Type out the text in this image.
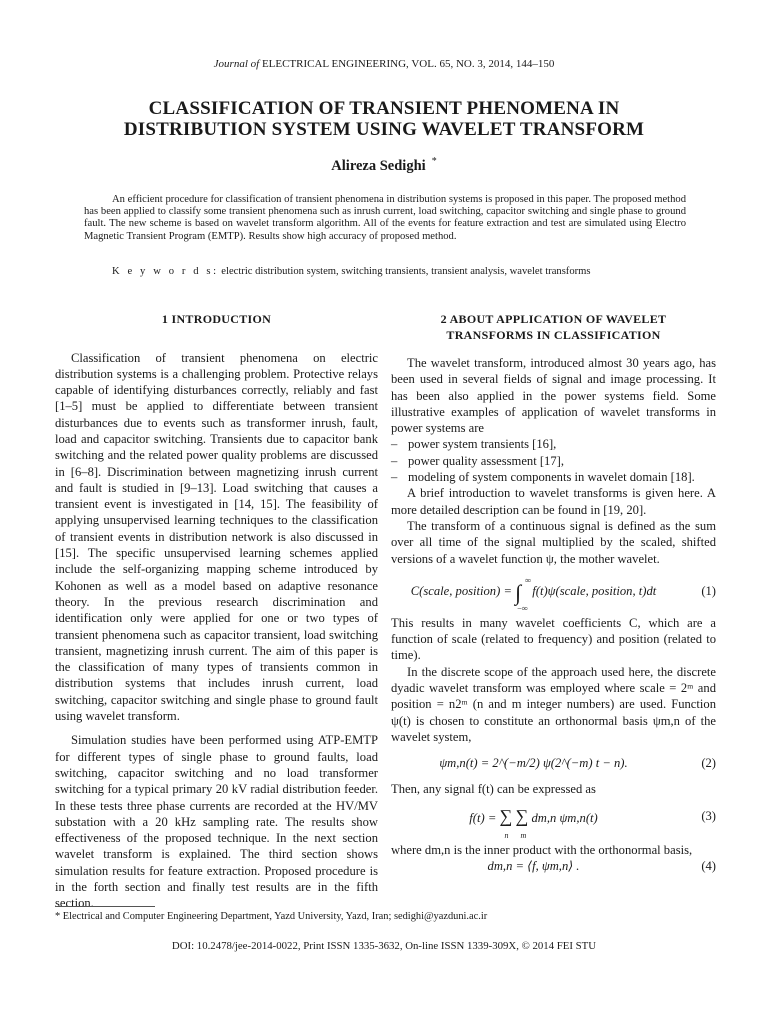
Journal of ELECTRICAL ENGINEERING, VOL. 65, NO. 3, 2014, 144–150
CLASSIFICATION OF TRANSIENT PHENOMENA IN
DISTRIBUTION SYSTEM USING WAVELET TRANSFORM
Alireza Sedighi *
An efficient procedure for classification of transient phenomena in distribution systems is proposed in this paper. The proposed method has been applied to classify some transient phenomena such as inrush current, load switching, capacitor switching and single phase to ground fault. The new scheme is based on wavelet transform algorithm. All of the events for feature extraction and test are simulated using Electro Magnetic Transient Program (EMTP). Results show high accuracy of proposed method.
K e y w o r d s: electric distribution system, switching transients, transient analysis, wavelet transforms
1 INTRODUCTION

Classification of transient phenomena on electric distribution systems is a challenging problem. Protective relays capable of identifying disturbances correctly, reliably and fast [1–5] must be applied to differentiate between transient disturbances due to events such as transformer inrush, fault, load and capacitor switching. Transients due to capacitor bank switching and the related power quality problems are discussed in [6–8]. Discrimination between magnetizing inrush current and fault is studied in [9–13]. Load switching that causes a transient event is investigated in [14, 15]. The feasibility of applying unsupervised learning techniques to the classification of transient events in distribution network is also discussed in [15]. The specific unsupervised learning schemes applied include the self-organizing mapping scheme introduced by Kohonen as well as a model based on adaptive resonance theory. In the previous research discrimination and identification only were applied for one or two types of transient phenomena such as capacitor transient, load switching transient, magnetizing inrush current. The aim of this paper is the classification of many types of transients common in distribution systems that includes inrush current, load switching, capacitor switching and single phase to ground fault using wavelet transform.

Simulation studies have been performed using ATP-EMTP for different types of single phase to ground faults, load switching, capacitor switching and no load transformer switching for a typical primary 20 kV radial distribution feeder. In these tests three phase currents are recorded at the HV/MV substation with a 20 kHz sampling rate. The results show effectiveness of the proposed technique. In the next section wavelet transform is explained. The third section shows simulation results for feature extraction. Proposed procedure is in the forth section and finally test results are in the fifth section.

2 ABOUT APPLICATION OF WAVELET
TRANSFORMS IN CLASSIFICATION

The wavelet transform, introduced almost 30 years ago, has been used in several fields of signal and image processing. It has been also applied in the power systems field. Some illustrative examples of application of wavelet transforms in power systems are

– power system transients [16],
– power quality assessment [17],
– modeling of system components in wavelet domain [18].

A brief introduction to wavelet transforms is given here. A more detailed description can be found in [19, 20].

The transform of a continuous signal is defined as the sum over all time of the signal multiplied by the scaled, shifted versions of a wavelet function ψ, the mother wavelet.

C(scale, position) = ∫ ∞
−∞
f(t)ψ(scale, position, t)dt	(1)

This results in many wavelet coefficients C, which are a function of scale (related to frequency) and position (related to time).

In the discrete scope of the approach used here, the discrete dyadic wavelet transform was employed where scale = 2ᵐ and position = n2ᵐ (n and m integer numbers) are used. Function ψ(t) is chosen to constitute an orthonormal basis ψm,n of the wavelet system,

ψm,n(t) = 2^(−m/2) ψ(2^(−m) t − n).	(2)

Then, any signal f(t) can be expressed as

f(t) = ∑
n
∑
m
dm,n ψm,n(t)	(3)

where dm,n is the inner product with the orthonormal basis,

dm,n = ⟨f, ψm,n⟩ .	(4)
* Electrical and Computer Engineering Department, Yazd University, Yazd, Iran; sedighi@yazduni.ac.ir
DOI: 10.2478/jee-2014-0022, Print ISSN 1335-3632, On-line ISSN 1339-309X, © 2014 FEI STU
